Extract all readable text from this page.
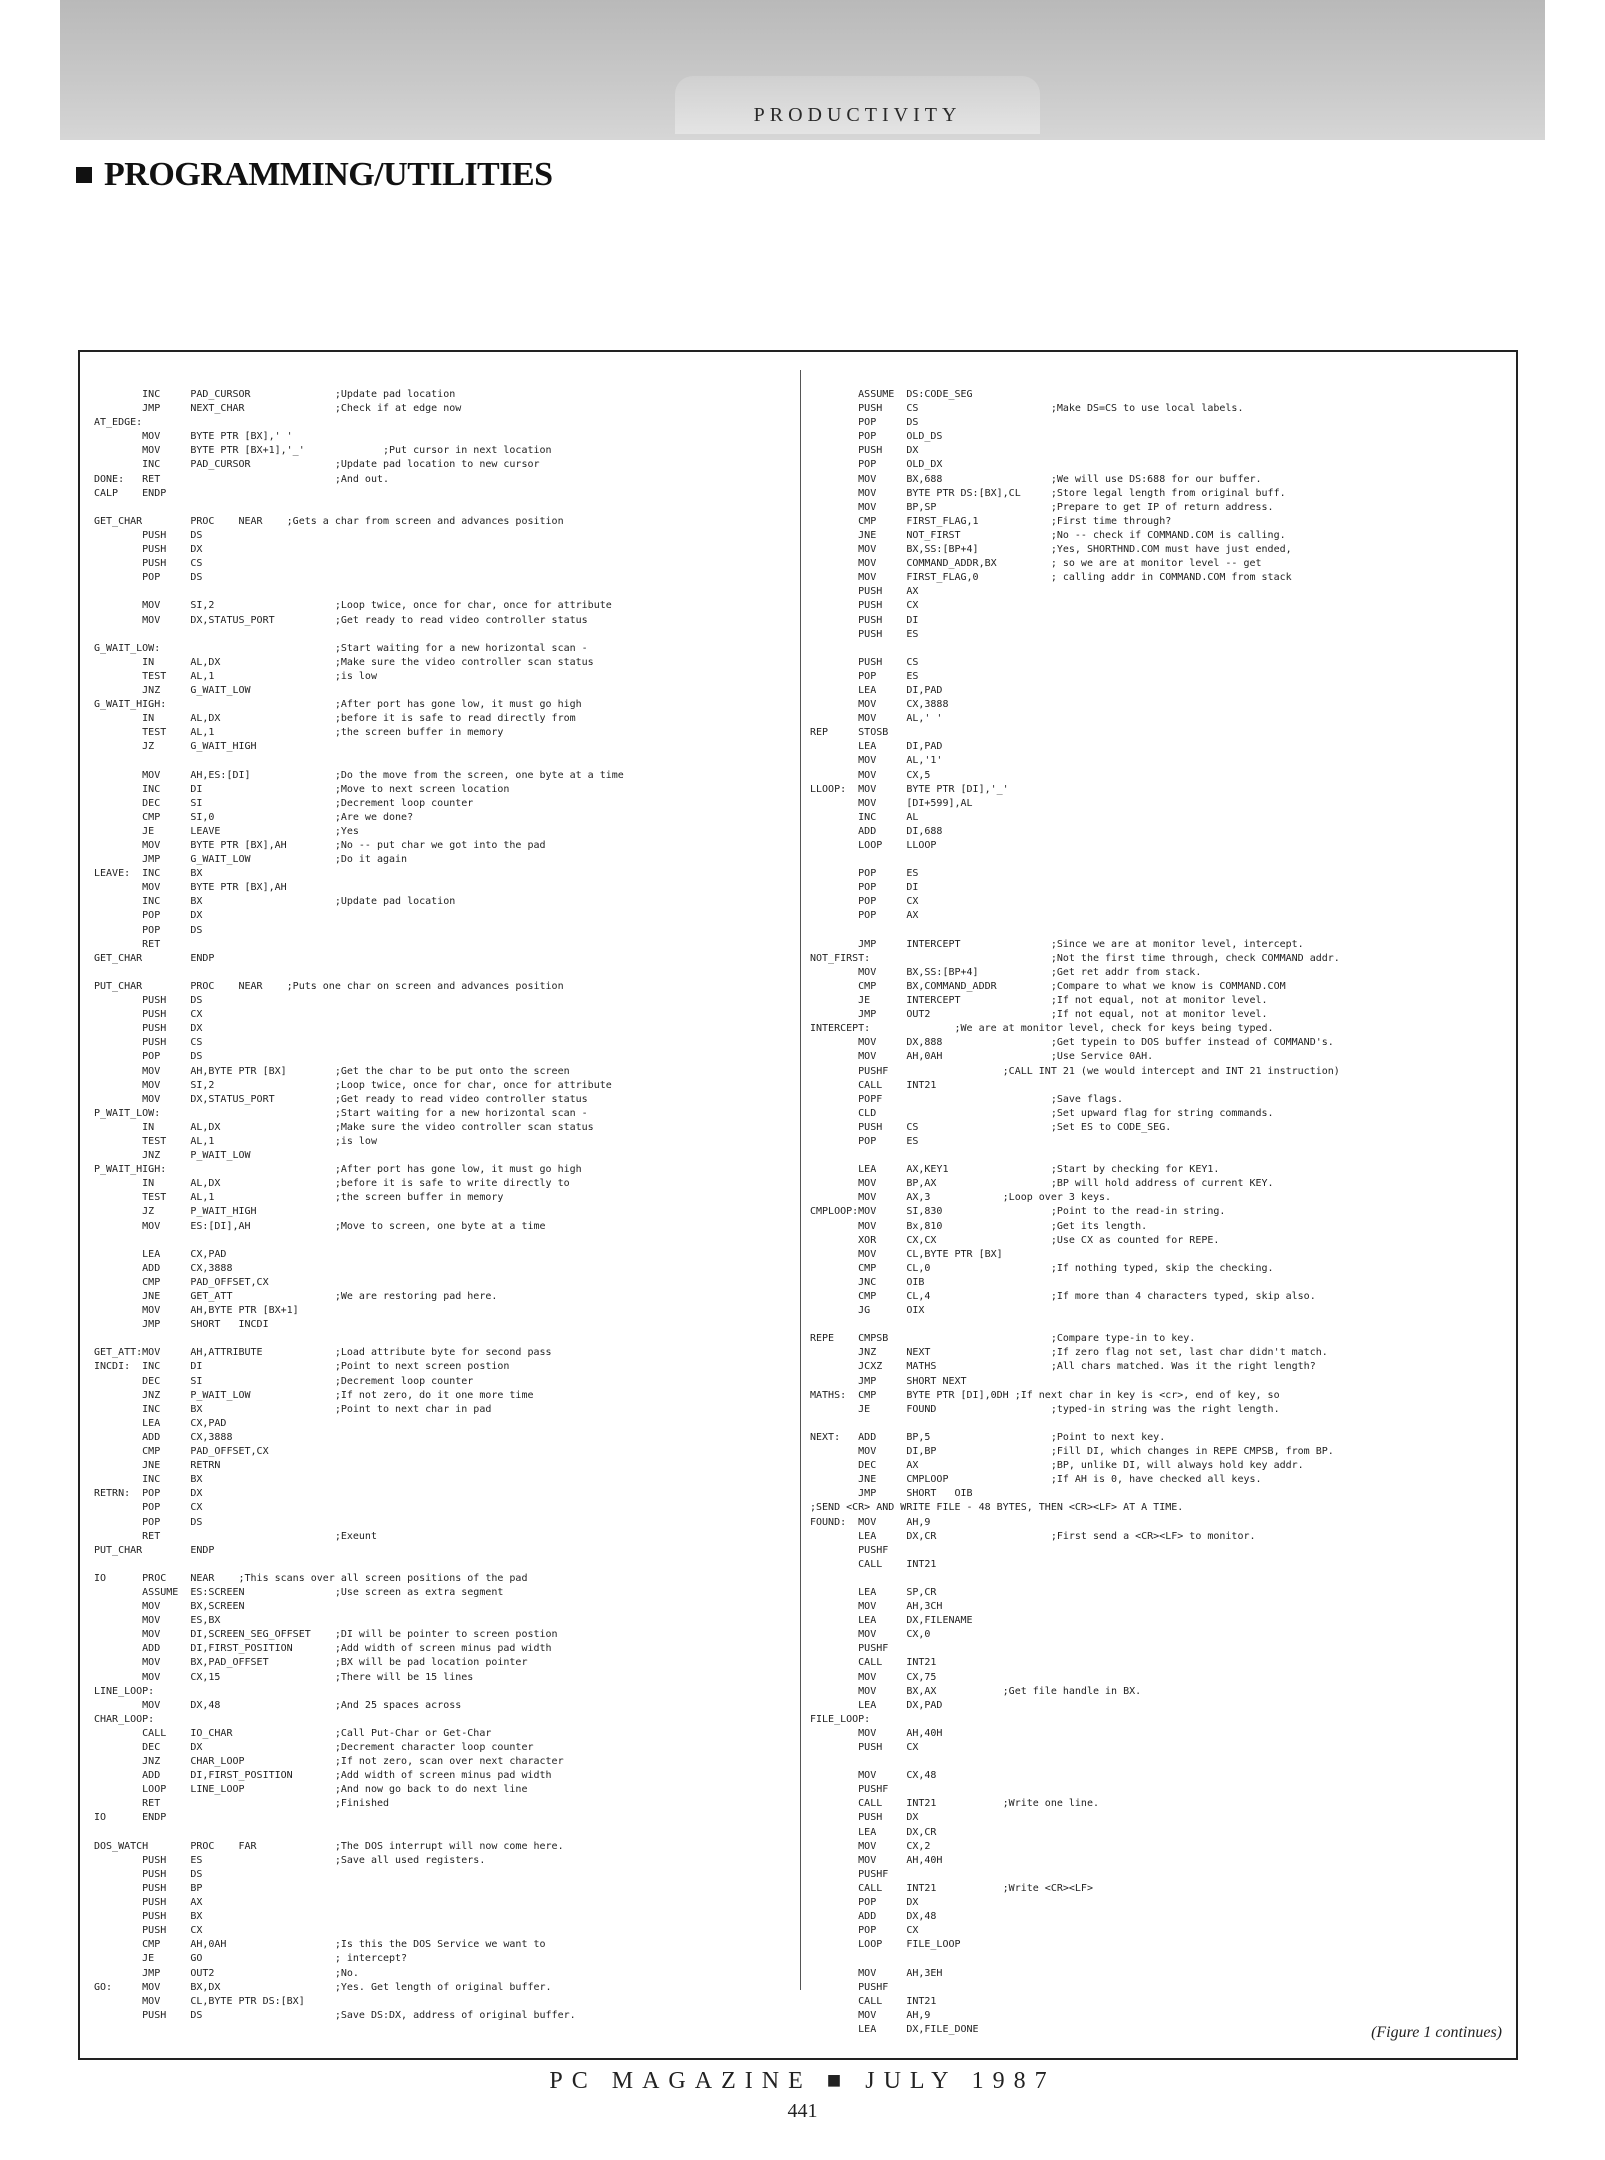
PRODUCTIVITY
PROGRAMMING/UTILITIES
INC     PAD_CURSOR              ;Update pad location
JMP     NEXT_CHAR               ;Check if at edge now
AT_EDGE:
MOV     BYTE PTR [BX],' '
MOV     BYTE PTR [BX+1],'_'             ;Put cursor in next location
INC     PAD_CURSOR              ;Update pad location to new cursor
DONE:   RET                             ;And out.
CALP    ENDP

GET_CHAR        PROC    NEAR    ;Gets a char from screen and advances position
PUSH    DS
PUSH    DX
PUSH    CS
POP     DS

MOV     SI,2                    ;Loop twice, once for char, once for attribute
MOV     DX,STATUS_PORT          ;Get ready to read video controller status

G_WAIT_LOW:                             ;Start waiting for a new horizontal scan -
IN      AL,DX                   ;Make sure the video controller scan status
TEST    AL,1                    ;is low
JNZ     G_WAIT_LOW
G_WAIT_HIGH:                            ;After port has gone low, it must go high
IN      AL,DX                   ;before it is safe to read directly from
TEST    AL,1                    ;the screen buffer in memory
JZ      G_WAIT_HIGH

MOV     AH,ES:[DI]              ;Do the move from the screen, one byte at a time
INC     DI                      ;Move to next screen location
DEC     SI                      ;Decrement loop counter
CMP     SI,0                    ;Are we done?
JE      LEAVE                   ;Yes
MOV     BYTE PTR [BX],AH        ;No -- put char we got into the pad
JMP     G_WAIT_LOW              ;Do it again
LEAVE:  INC     BX
MOV     BYTE PTR [BX],AH
INC     BX                      ;Update pad location
POP     DX
POP     DS
RET
GET_CHAR        ENDP

PUT_CHAR        PROC    NEAR    ;Puts one char on screen and advances position
PUSH    DS
PUSH    CX
PUSH    DX
PUSH    CS
POP     DS
MOV     AH,BYTE PTR [BX]        ;Get the char to be put onto the screen
MOV     SI,2                    ;Loop twice, once for char, once for attribute
MOV     DX,STATUS_PORT          ;Get ready to read video controller status
P_WAIT_LOW:                             ;Start waiting for a new horizontal scan -
IN      AL,DX                   ;Make sure the video controller scan status
TEST    AL,1                    ;is low
JNZ     P_WAIT_LOW
P_WAIT_HIGH:                            ;After port has gone low, it must go high
IN      AL,DX                   ;before it is safe to write directly to
TEST    AL,1                    ;the screen buffer in memory
JZ      P_WAIT_HIGH
MOV     ES:[DI],AH              ;Move to screen, one byte at a time

LEA     CX,PAD
ADD     CX,3888
CMP     PAD_OFFSET,CX
JNE     GET_ATT                 ;We are restoring pad here.
MOV     AH,BYTE PTR [BX+1]
JMP     SHORT   INCDI

GET_ATT:MOV     AH,ATTRIBUTE            ;Load attribute byte for second pass
INCDI:  INC     DI                      ;Point to next screen postion
DEC     SI                      ;Decrement loop counter
JNZ     P_WAIT_LOW              ;If not zero, do it one more time
INC     BX                      ;Point to next char in pad
LEA     CX,PAD
ADD     CX,3888
CMP     PAD_OFFSET,CX
JNE     RETRN
INC     BX
RETRN:  POP     DX
POP     CX
POP     DS
RET                             ;Exeunt
PUT_CHAR        ENDP

IO      PROC    NEAR    ;This scans over all screen positions of the pad
ASSUME  ES:SCREEN               ;Use screen as extra segment
MOV     BX,SCREEN
MOV     ES,BX
MOV     DI,SCREEN_SEG_OFFSET    ;DI will be pointer to screen postion
ADD     DI,FIRST_POSITION       ;Add width of screen minus pad width
MOV     BX,PAD_OFFSET           ;BX will be pad location pointer
MOV     CX,15                   ;There will be 15 lines
LINE_LOOP:
MOV     DX,48                   ;And 25 spaces across
CHAR_LOOP:
CALL    IO_CHAR                 ;Call Put-Char or Get-Char
DEC     DX                      ;Decrement character loop counter
JNZ     CHAR_LOOP               ;If not zero, scan over next character
ADD     DI,FIRST_POSITION       ;Add width of screen minus pad width
LOOP    LINE_LOOP               ;And now go back to do next line
RET                             ;Finished
IO      ENDP

DOS_WATCH       PROC    FAR             ;The DOS interrupt will now come here.
PUSH    ES                      ;Save all used registers.
PUSH    DS
PUSH    BP
PUSH    AX
PUSH    BX
PUSH    CX
CMP     AH,0AH                  ;Is this the DOS Service we want to
JE      GO                      ; intercept?
JMP     OUT2                    ;No.
GO:     MOV     BX,DX                   ;Yes. Get length of original buffer.
MOV     CL,BYTE PTR DS:[BX]
PUSH    DS                      ;Save DS:DX, address of original buffer.
ASSUME  DS:CODE_SEG
PUSH    CS                      ;Make DS=CS to use local labels.
POP     DS
POP     OLD_DS
PUSH    DX
POP     OLD_DX
MOV     BX,688                  ;We will use DS:688 for our buffer.
MOV     BYTE PTR DS:[BX],CL     ;Store legal length from original buff.
MOV     BP,SP                   ;Prepare to get IP of return address.
CMP     FIRST_FLAG,1            ;First time through?
JNE     NOT_FIRST               ;No -- check if COMMAND.COM is calling.
MOV     BX,SS:[BP+4]            ;Yes, SHORTHND.COM must have just ended,
MOV     COMMAND_ADDR,BX         ; so we are at monitor level -- get
MOV     FIRST_FLAG,0            ; calling addr in COMMAND.COM from stack
PUSH    AX
PUSH    CX
PUSH    DI
PUSH    ES

PUSH    CS
POP     ES
LEA     DI,PAD
MOV     CX,3888
MOV     AL,' '
REP     STOSB
LEA     DI,PAD
MOV     AL,'1'
MOV     CX,5
LLOOP:  MOV     BYTE PTR [DI],'_'
MOV     [DI+599],AL
INC     AL
ADD     DI,688
LOOP    LLOOP

POP     ES
POP     DI
POP     CX
POP     AX

JMP     INTERCEPT               ;Since we are at monitor level, intercept.
NOT_FIRST:                              ;Not the first time through, check COMMAND addr.
MOV     BX,SS:[BP+4]            ;Get ret addr from stack.
CMP     BX,COMMAND_ADDR         ;Compare to what we know is COMMAND.COM
JE      INTERCEPT               ;If not equal, not at monitor level.
JMP     OUT2                    ;If not equal, not at monitor level.
INTERCEPT:              ;We are at monitor level, check for keys being typed.
MOV     DX,888                  ;Get typein to DOS buffer instead of COMMAND's.
MOV     AH,0AH                  ;Use Service 0AH.
PUSHF                   ;CALL INT 21 (we would intercept and INT 21 instruction)
CALL    INT21
POPF                            ;Save flags.
CLD                             ;Set upward flag for string commands.
PUSH    CS                      ;Set ES to CODE_SEG.
POP     ES

LEA     AX,KEY1                 ;Start by checking for KEY1.
MOV     BP,AX                   ;BP will hold address of current KEY.
MOV     AX,3            ;Loop over 3 keys.
CMPLOOP:MOV     SI,830                  ;Point to the read-in string.
MOV     Bx,810                  ;Get its length.
XOR     CX,CX                   ;Use CX as counted for REPE.
MOV     CL,BYTE PTR [BX]
CMP     CL,0                    ;If nothing typed, skip the checking.
JNC     OIB
CMP     CL,4                    ;If more than 4 characters typed, skip also.
JG      OIX

REPE    CMPSB                           ;Compare type-in to key.
JNZ     NEXT                    ;If zero flag not set, last char didn't match.
JCXZ    MATHS                   ;All chars matched. Was it the right length?
JMP     SHORT NEXT
MATHS:  CMP     BYTE PTR [DI],0DH ;If next char in key is <cr>, end of key, so
JE      FOUND                   ;typed-in string was the right length.

NEXT:   ADD     BP,5                    ;Point to next key.
MOV     DI,BP                   ;Fill DI, which changes in REPE CMPSB, from BP.
DEC     AX                      ;BP, unlike DI, will always hold key addr.
JNE     CMPLOOP                 ;If AH is 0, have checked all keys.
JMP     SHORT   OIB
;SEND <CR> AND WRITE FILE - 48 BYTES, THEN <CR><LF> AT A TIME.
FOUND:  MOV     AH,9
LEA     DX,CR                   ;First send a <CR><LF> to monitor.
PUSHF
CALL    INT21

LEA     SP,CR
MOV     AH,3CH
LEA     DX,FILENAME
MOV     CX,0
PUSHF
CALL    INT21
MOV     CX,75
MOV     BX,AX           ;Get file handle in BX.
LEA     DX,PAD
FILE_LOOP:
MOV     AH,40H
PUSH    CX

MOV     CX,48
PUSHF
CALL    INT21           ;Write one line.
PUSH    DX
LEA     DX,CR
MOV     CX,2
MOV     AH,40H
PUSHF
CALL    INT21           ;Write <CR><LF>
POP     DX
ADD     DX,48
POP     CX
LOOP    FILE_LOOP

MOV     AH,3EH
PUSHF
CALL    INT21
MOV     AH,9
LEA     DX,FILE_DONE	(Figure 1 continues)
PC MAGAZINE ■ JULY 1987
441
